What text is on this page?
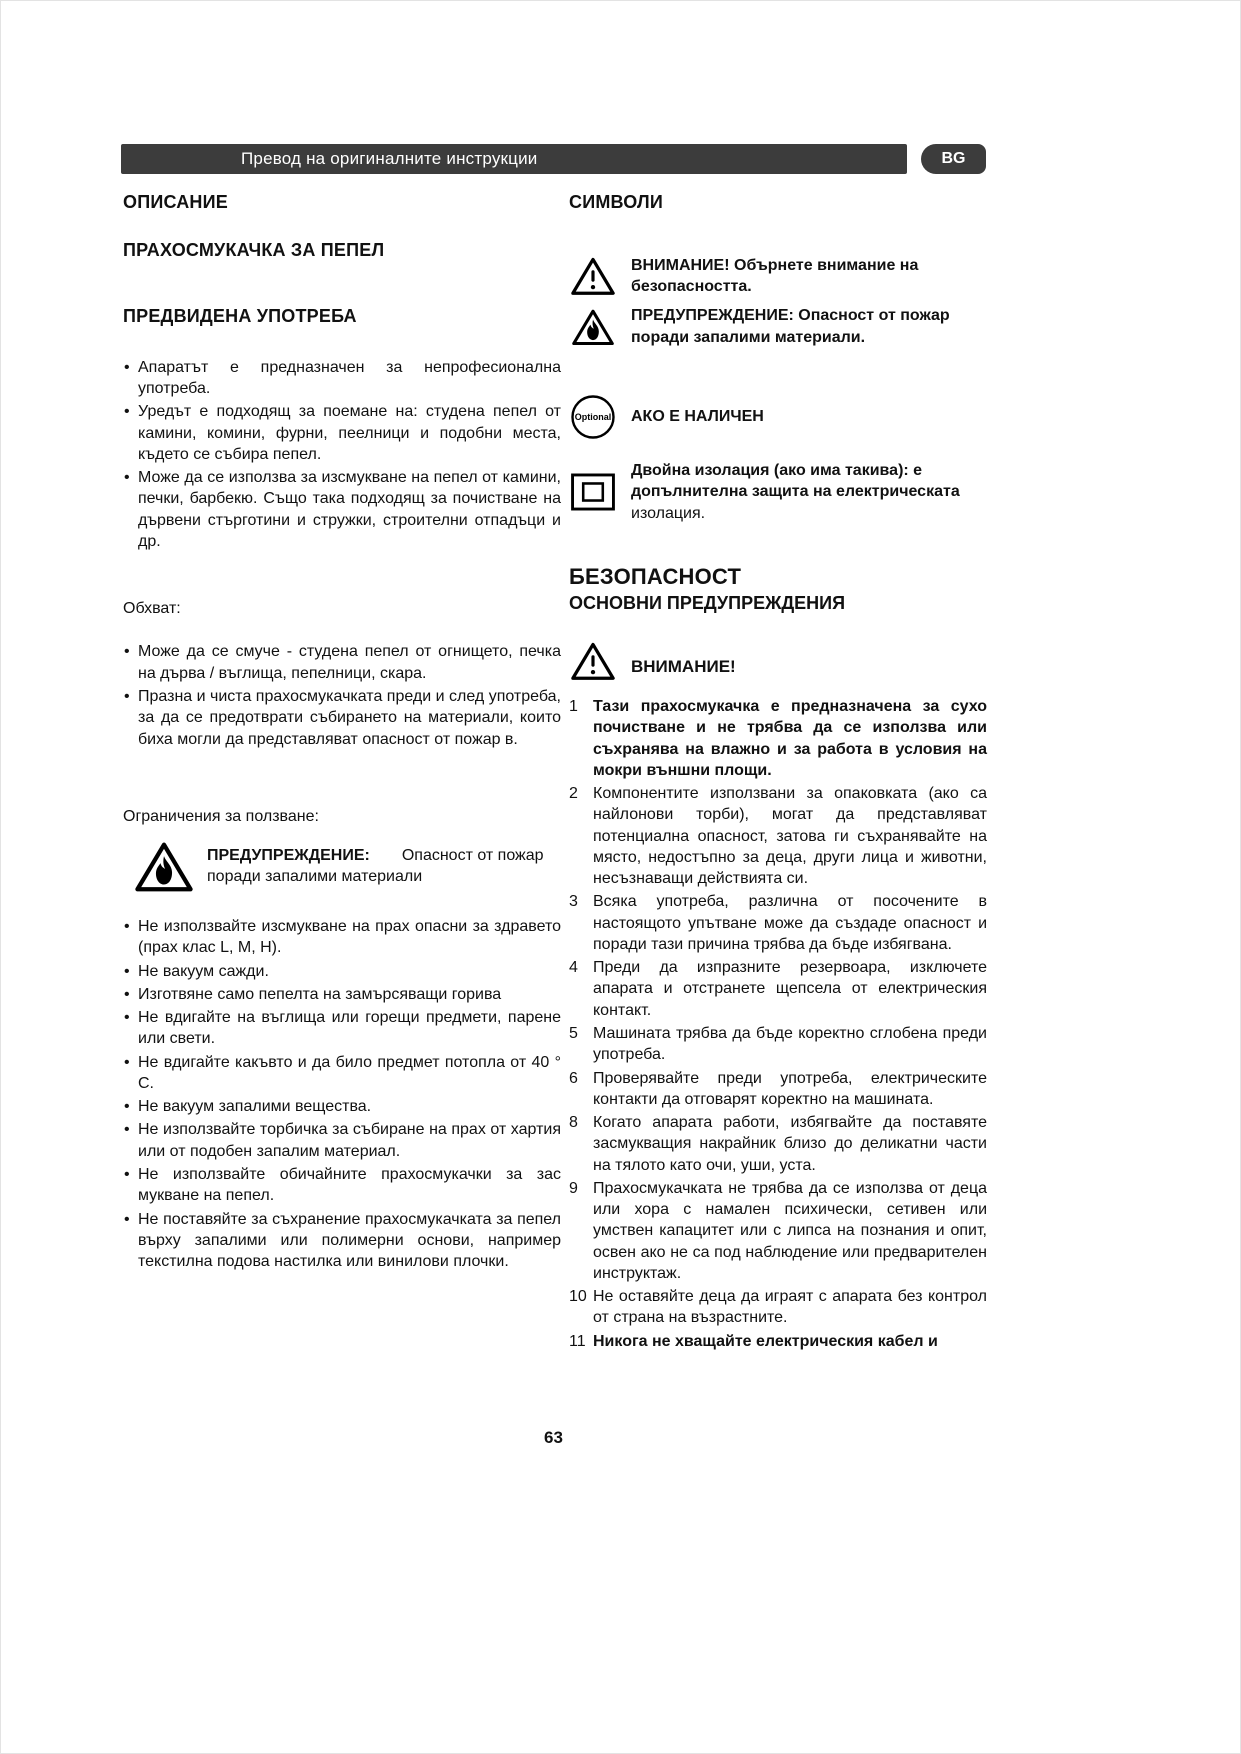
Превод на оригиналните инструкции	BG
ОПИСАНИЕ
ПРАХОСМУКАЧКА ЗА ПЕПЕЛ
ПРЕДВИДЕНА УПОТРЕБА
• Апаратът е предназначен за непрофесионална употреба.
• Уредът е подходящ за поемане на: студена пепел от камини, комини, фурни, пеелници и подобни места, където се събира пепел.
• Може да се използва за изсмукване на пепел от камини, печки, барбекю. Също така подходящ за почистване на дървени стърготини и стружки, строителни отпадъци и др.

Обхват:

• Може да се смуче - студена пепел от огнището, печка на дърва / въглища, пепелници, скара.
• Празна и чиста прахосмукачката преди и след употреба, за да се предотврати събирането на материали, които биха могли да представляват опасност от пожар в.

Ограничения за ползване:

ПРЕДУПРЕЖДЕНИЕ: Опасност от пожар поради запалими материали

• Не използвайте изсмукване на прах опасни за здравето (прах клас L, M, H).
• Не вакуум сажди.
• Изготвяне само пепелта на замърсяващи горива
• Не вдигайте на въглища или горещи предмети, парене или свети.
• Не вдигайте какъвто и да било предмет потопла от 40 ° C.
• Не вакуум запалими вещества.
• Не използвайте торбичка за събиране на прах от хартия или от подобен запалим материал.
• Не използвайте обичайните прахосмукачки за зас мукване на пепел.
• Не поставяйте за съхранение прахосмукачката за пепел върху запалими или полимерни основи, например текстилна подова настилка или винилови плочки.
СИМВОЛИ

ВНИМАНИЕ! Обърнете внимание на безопасността.

ПРЕДУПРЕЖДЕНИЕ: Опасност от пожар поради запалими материали.

Optional АКО Е НАЛИЧЕН

Двойна изолация (ако има такива): е допълнителна защита на електрическата изолация.

БЕЗОПАСНОСТ
ОСНОВНИ ПРЕДУПРЕЖДЕНИЯ
ВНИМАНИЕ!
1 Тази прахосмукачка е предназначена за сухо почистване и не трябва да се използва или съхранява на влажно и за работа в условия на мокри външни площи.
2 Компонентите използвани за опаковката (ако са найлонови торби), могат да представляват потенциална опасност, затова ги съхранявайте на място, недостъпно за деца, други лица и животни, несъзнаващи действията си.
3 Всяка употреба, различна от посочените в настоящото упътване може да създаде опасност и поради тази причина трябва да бъде избягвана.
4 Преди да изпразните резервоара, изключете апарата и отстранете щепсела от електрическия контакт.
5 Машината трябва да бъде коректно сглобена преди употреба.
6 Проверявайте преди употреба, електрическите контакти да отговарят коректно на машината.
8 Когато апарата работи, избягвайте да поставяте засмукващия накрайник близо до деликатни части на тялото като очи, уши, уста.
9 Прахосмукачката не трябва да се използва от деца или хора с намален психически, сетивен или умствен капацитет или с липса на познания и опит, освен ако не са под наблюдение или предварителен инструктаж.
10 Не оставяйте деца да играят с апарата без контрол от страна на възрастните.
11 Никога не хващайте електрическия кабел и
63
